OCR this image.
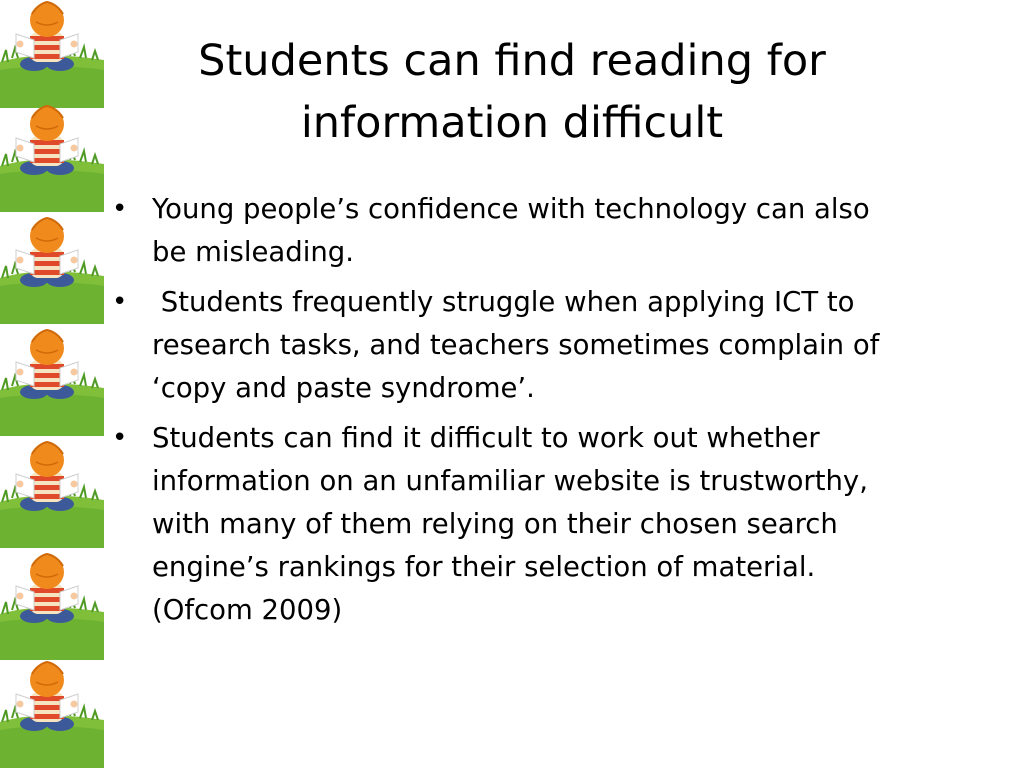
Students can find reading for
information difficult
• Young people’s confidence with technology can also
be misleading.
• Students frequently struggle when applying ICT to
research tasks, and teachers sometimes complain of
‘copy and paste syndrome’.
• Students can find it difficult to work out whether
information on an unfamiliar website is trustworthy,
with many of them relying on their chosen search
engine’s rankings for their selection of material.
(Ofcom 2009)
